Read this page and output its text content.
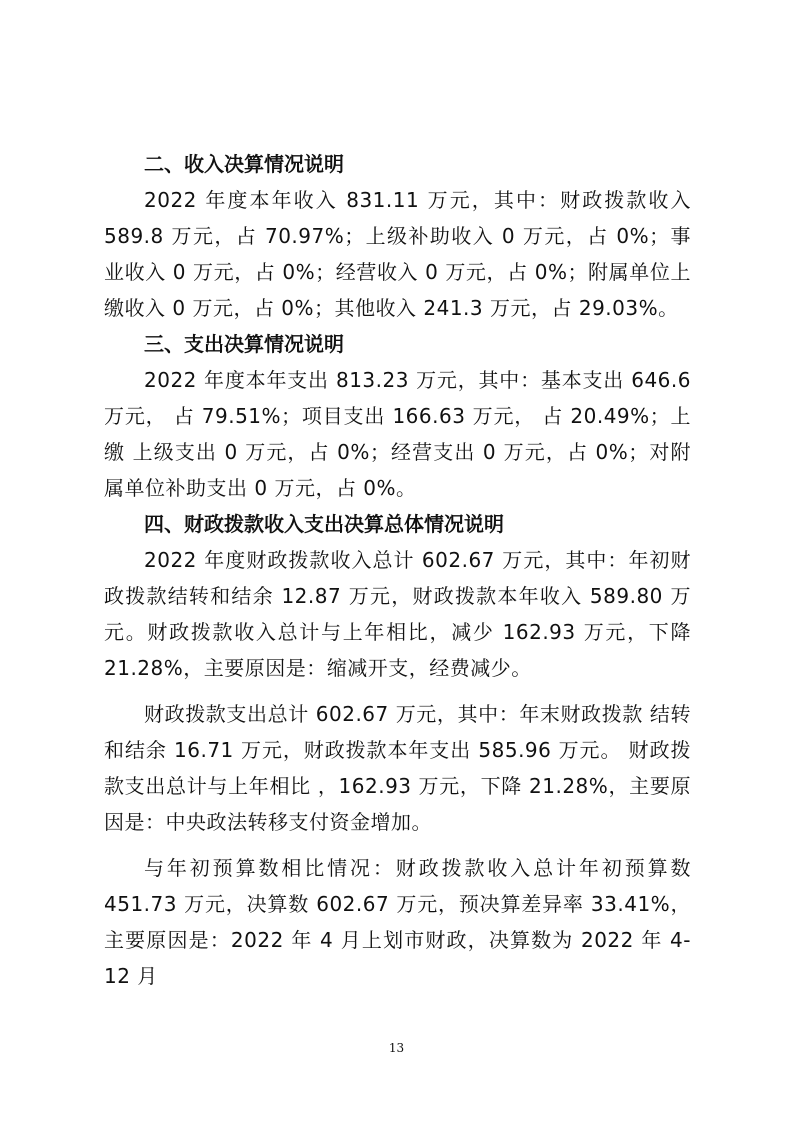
二、收入决算情况说明

2022 年度本年收入 831.11 万元，其中：财政拨款收入 589.8 万元，占 70.97%；上级补助收入 0 万元，占 0%；事业收入 0 万元，占 0%；经营收入 0 万元，占 0%；附属单位上缴收入 0 万元，占 0%；其他收入 241.3 万元，占 29.03%。

三、支出决算情况说明

2022 年度本年支出 813.23 万元，其中：基本支出 646.6 万元， 占 79.51%；项目支出 166.63 万元， 占 20.49%；上缴 上级支出 0 万元，占 0%；经营支出 0 万元，占 0%；对附属单位补助支出 0 万元，占 0%。

四、财政拨款收入支出决算总体情况说明

2022 年度财政拨款收入总计 602.67 万元，其中：年初财政拨款结转和结余 12.87 万元，财政拨款本年收入 589.80 万元。财政拨款收入总计与上年相比，减少 162.93 万元，下降 21.28%，主要原因是：缩减开支，经费减少。

财政拨款支出总计 602.67 万元，其中：年末财政拨款 结转和结余 16.71 万元，财政拨款本年支出 585.96 万元。 财政拨款支出总计与上年相比 ，162.93 万元，下降 21.28%，主要原因是：中央政法转移支付资金增加。

与年初预算数相比情况：财政拨款收入总计年初预算数 451.73 万元，决算数 602.67 万元，预决算差异率 33.41%，主要原因是：2022 年 4 月上划市财政，决算数为 2022 年 4-12 月

13
